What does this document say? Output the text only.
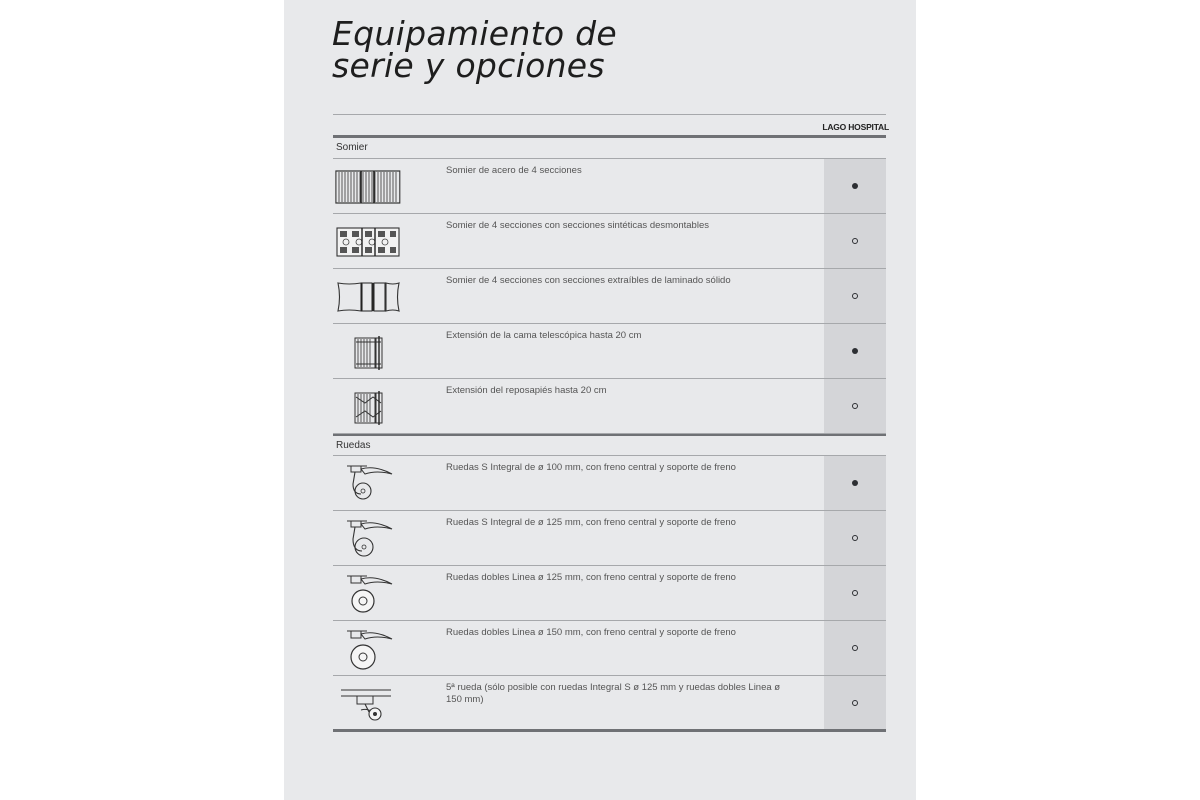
Equipamiento de
serie y opciones
LAGO HOSPITAL
Somier
Somier de acero de 4 secciones
Somier de 4 secciones con secciones sintéticas desmontables
Somier de 4 secciones con secciones extraíbles de laminado sólido
Extensión de la cama telescópica hasta 20 cm
Extensión del reposapiés hasta 20 cm
Ruedas
Ruedas S Integral de ø 100 mm, con freno central y soporte de freno
Ruedas S Integral de ø 125 mm, con freno central y soporte de freno
Ruedas dobles Linea ø 125 mm, con freno central y soporte de freno
Ruedas dobles Linea ø 150 mm, con freno central y soporte de freno
5ª rueda (sólo posible con ruedas Integral S ø 125 mm y ruedas dobles Linea ø 150 mm)
